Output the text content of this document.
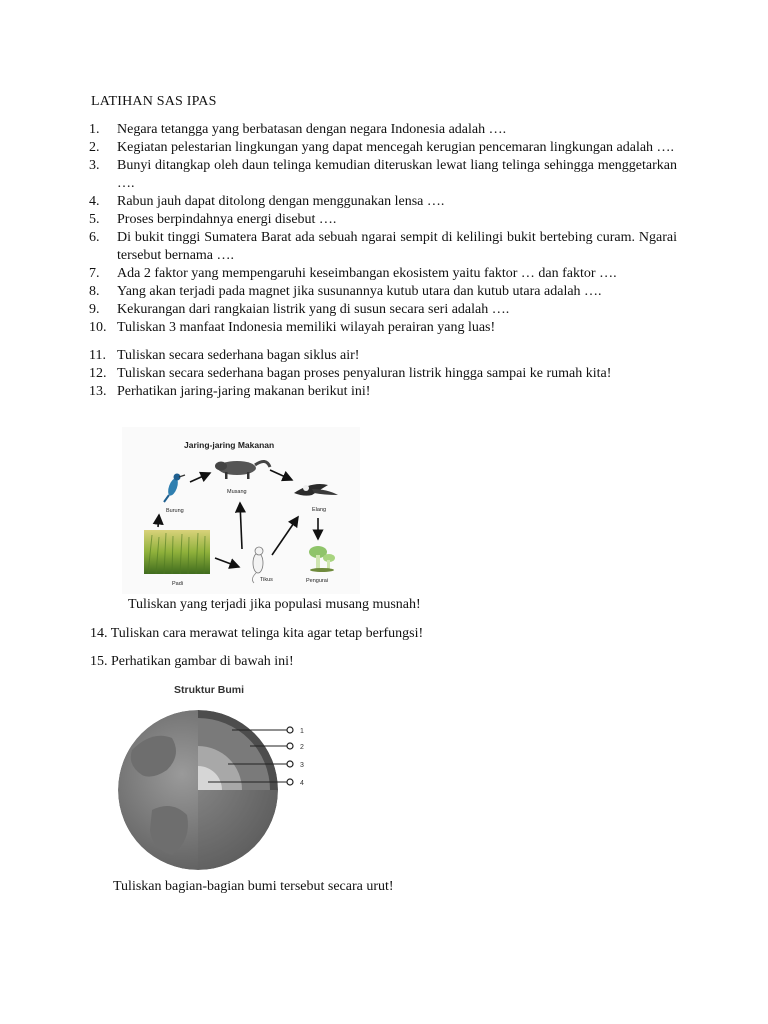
LATIHAN SAS IPAS
1.	Negara tetangga yang berbatasan dengan negara Indonesia adalah ….
2.	Kegiatan pelestarian lingkungan yang dapat mencegah kerugian pencemaran lingkungan adalah ….
3.	Bunyi ditangkap oleh daun telinga kemudian diteruskan lewat liang telinga sehingga menggetarkan ….
4.	Rabun jauh dapat ditolong dengan menggunakan lensa ….
5.	Proses berpindahnya energi disebut ….
6.	Di bukit tinggi Sumatera Barat ada sebuah ngarai sempit di kelilingi bukit bertebing curam. Ngarai tersebut bernama ….
7.	Ada 2 faktor yang mempengaruhi keseimbangan ekosistem yaitu faktor … dan faktor ….
8.	Yang akan terjadi pada magnet jika susunannya kutub utara dan kutub utara adalah ….
9.	Kekurangan dari rangkaian listrik yang di susun secara seri adalah ….
10. Tuliskan 3 manfaat Indonesia memiliki wilayah perairan yang luas!
11. Tuliskan secara sederhana bagan siklus air!
12. Tuliskan secara sederhana bagan proses penyaluran listrik hingga sampai ke rumah kita!
13. Perhatikan jaring-jaring makanan berikut ini!
Jaring-jaring Makanan
Musang
Burung	Elang
Padi
Tikus	Pengurai
Tuliskan yang terjadi jika populasi musang musnah!
14. Tuliskan cara merawat telinga kita agar tetap berfungsi!
15. Perhatikan gambar di bawah ini!
Struktur Bumi
1
2
3
4
Tuliskan bagian-bagian bumi tersebut secara urut!
